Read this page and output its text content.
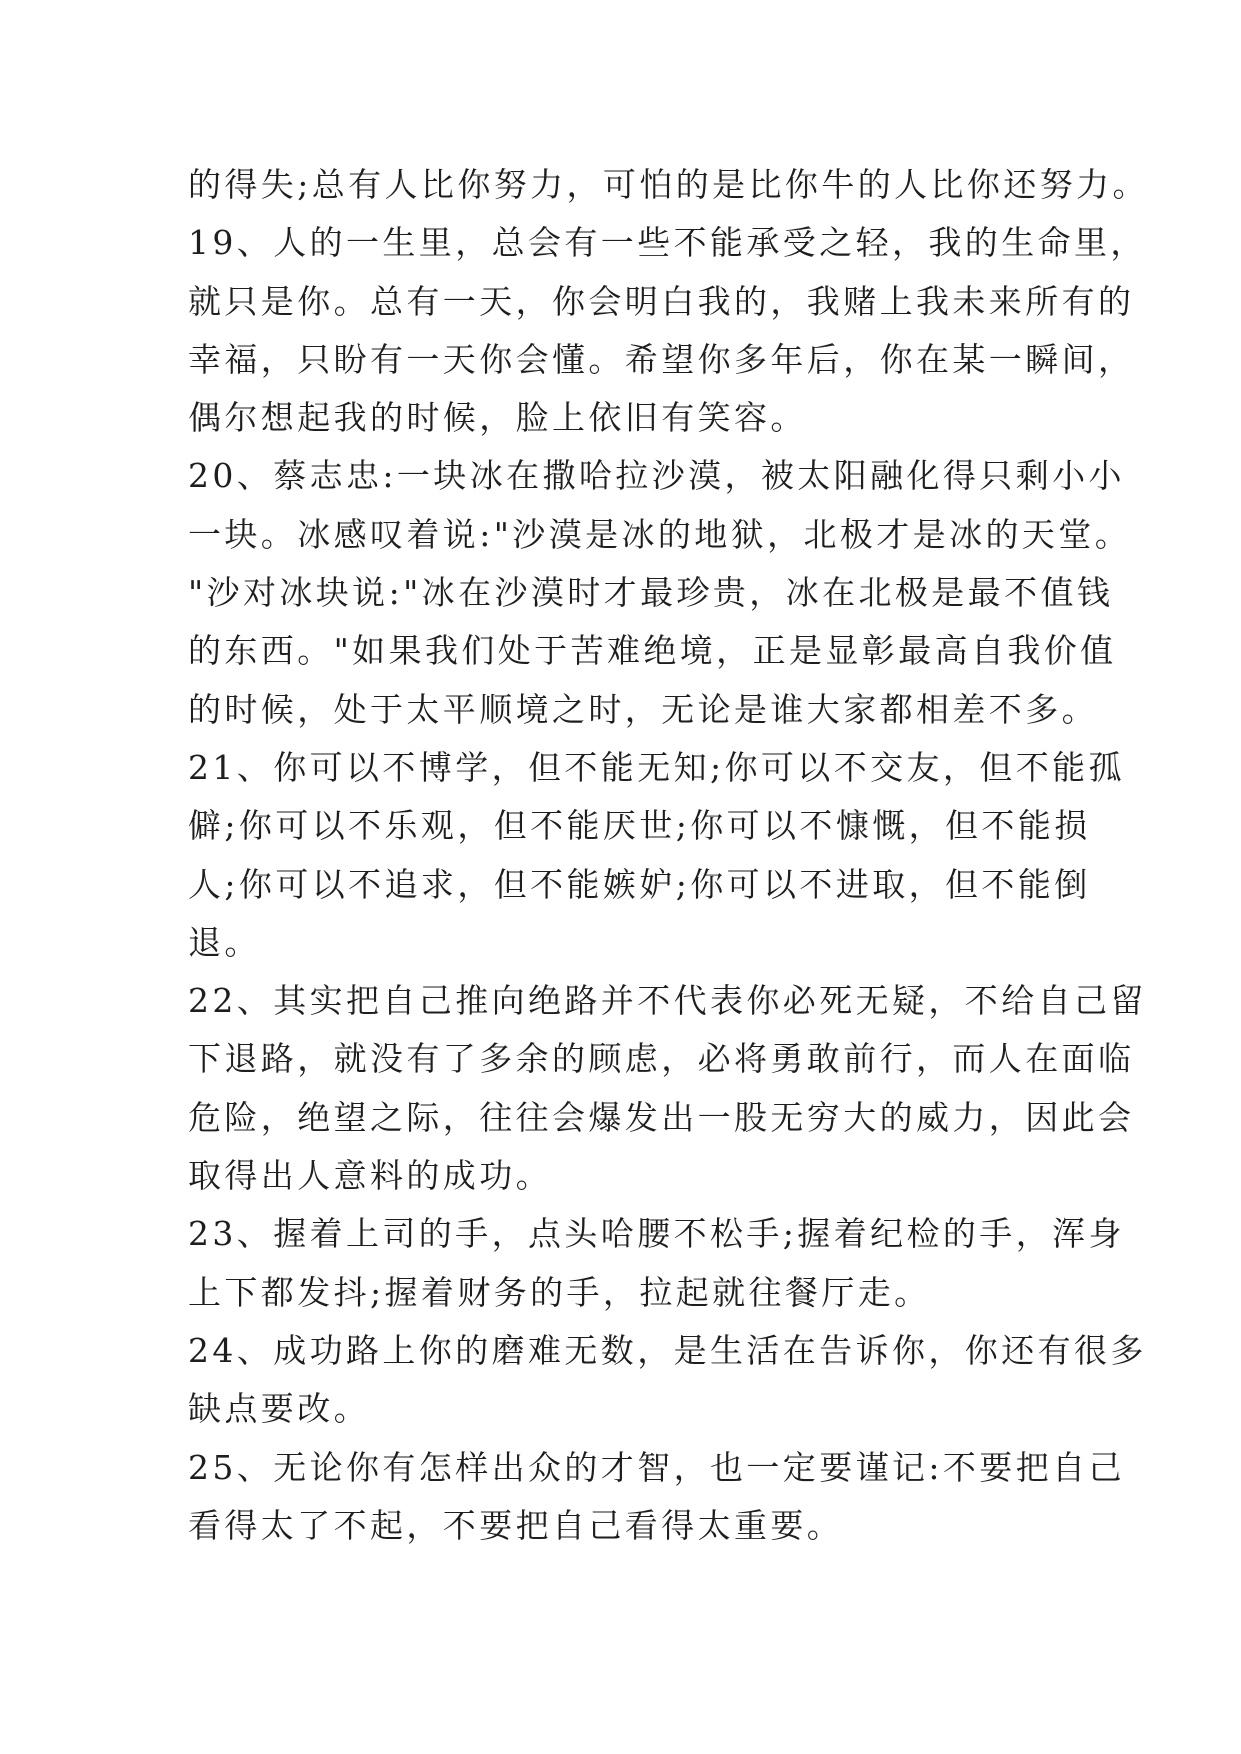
的得失;总有人比你努力，可怕的是比你牛的人比你还努力。
19、人的一生里，总会有一些不能承受之轻，我的生命里，
就只是你。总有一天，你会明白我的，我赌上我未来所有的
幸福，只盼有一天你会懂。希望你多年后，你在某一瞬间，
偶尔想起我的时候，脸上依旧有笑容。
20、蔡志忠:一块冰在撒哈拉沙漠，被太阳融化得只剩小小
一块。冰感叹着说:"沙漠是冰的地狱，北极才是冰的天堂。
"沙对冰块说:"冰在沙漠时才最珍贵，冰在北极是最不值钱
的东西。"如果我们处于苦难绝境，正是显彰最高自我价值
的时候，处于太平顺境之时，无论是谁大家都相差不多。
21、你可以不博学，但不能无知;你可以不交友，但不能孤
僻;你可以不乐观，但不能厌世;你可以不慷慨，但不能损
人;你可以不追求，但不能嫉妒;你可以不进取，但不能倒
退。
22、其实把自己推向绝路并不代表你必死无疑，不给自己留
下退路，就没有了多余的顾虑，必将勇敢前行，而人在面临
危险，绝望之际，往往会爆发出一股无穷大的威力，因此会
取得出人意料的成功。
23、握着上司的手，点头哈腰不松手;握着纪检的手，浑身
上下都发抖;握着财务的手，拉起就往餐厅走。
24、成功路上你的磨难无数，是生活在告诉你，你还有很多
缺点要改。
25、无论你有怎样出众的才智，也一定要谨记:不要把自己
看得太了不起，不要把自己看得太重要。
